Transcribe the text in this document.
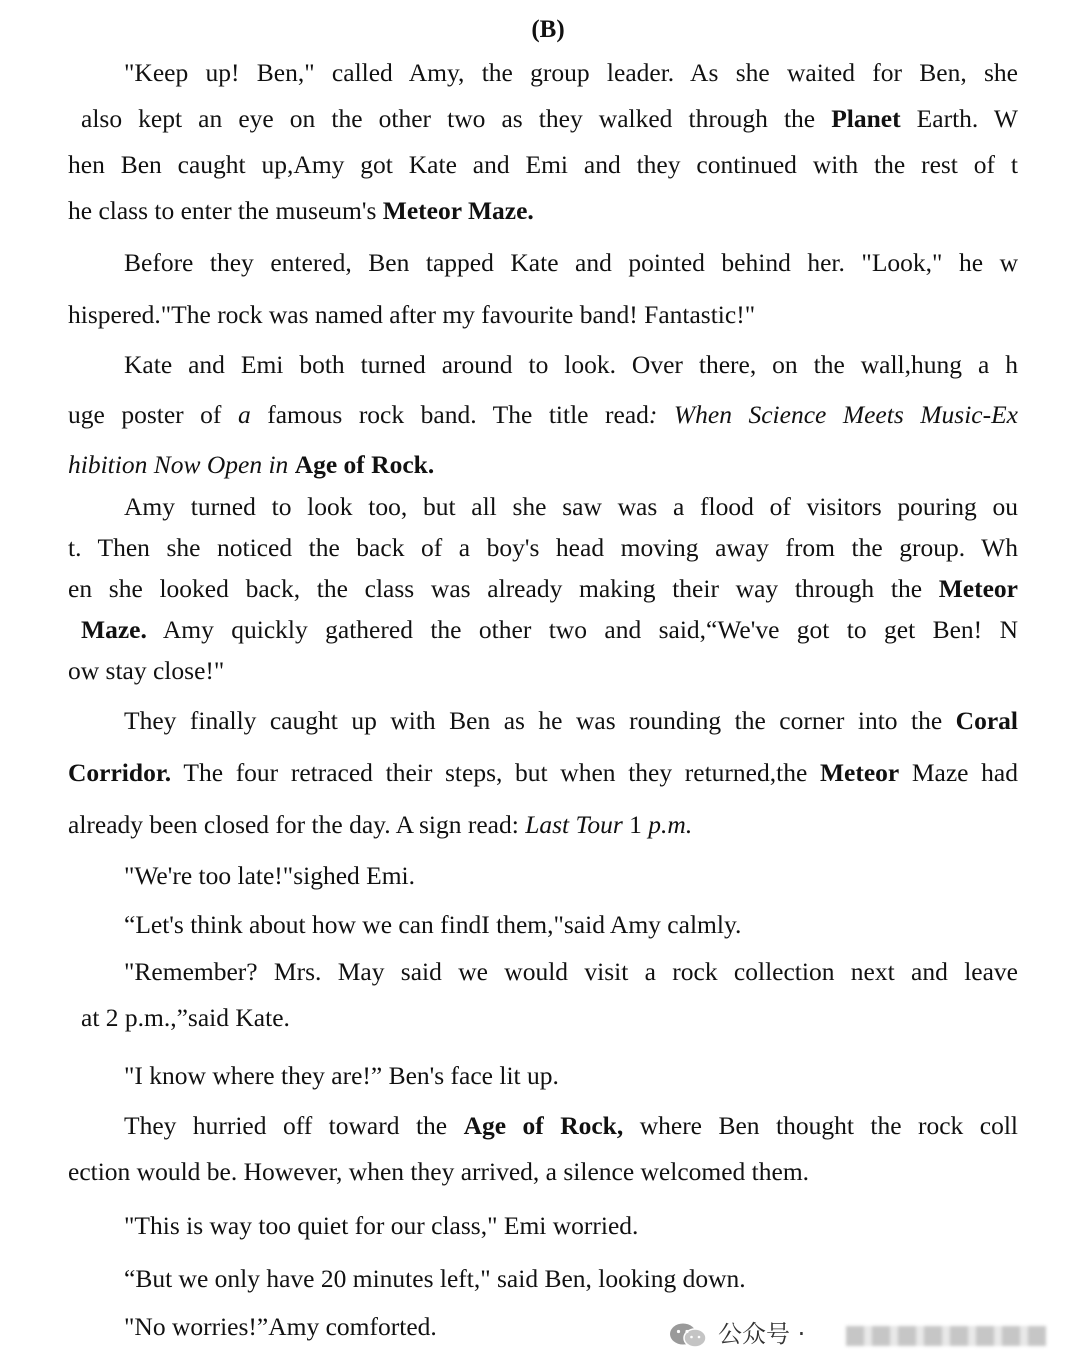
(B)
"Keep up! Ben," called Amy, the group leader. As she waited for Ben, she
also kept an eye on the other two as they walked through the Planet Earth. W
hen Ben caught up,Amy got Kate and Emi and they continued with the rest of t
he class to enter the museum's Meteor Maze.
Before they entered, Ben tapped Kate and pointed behind her. "Look," he w
hispered."The rock was named after my favourite band! Fantastic!"
Kate and Emi both turned around to look. Over there, on the wall,hung a h
uge poster of a famous rock band. The title read: When Science Meets Music-Ex
hibition Now Open in Age of Rock.
Amy turned to look too, but all she saw was a flood of visitors pouring ou
t. Then she noticed the back of a boy's head moving away from the group. Wh
en she looked back, the class was already making their way through the Meteor
Maze. Amy quickly gathered the other two and said,“We've got to get Ben! N
ow stay close!"
They finally caught up with Ben as he was rounding the corner into the Coral
Corridor. The four retraced their steps, but when they returned,the Meteor Maze had
already been closed for the day. A sign read: Last Tour 1 p.m.
"We're too late!"sighed Emi.
“Let's think about how we can findI them,"said Amy calmly.
"Remember? Mrs. May said we would visit a rock collection next and leave
at 2 p.m.,”said Kate.
"I know where they are!” Ben's face lit up.
They hurried off toward the Age of Rock, where Ben thought the rock coll
ection would be. However, when they arrived, a silence welcomed them.
"This is way too quiet for our class," Emi worried.
“But we only have 20 minutes left," said Ben, looking down.
"No worries!”Amy comforted.	公众号 ·
